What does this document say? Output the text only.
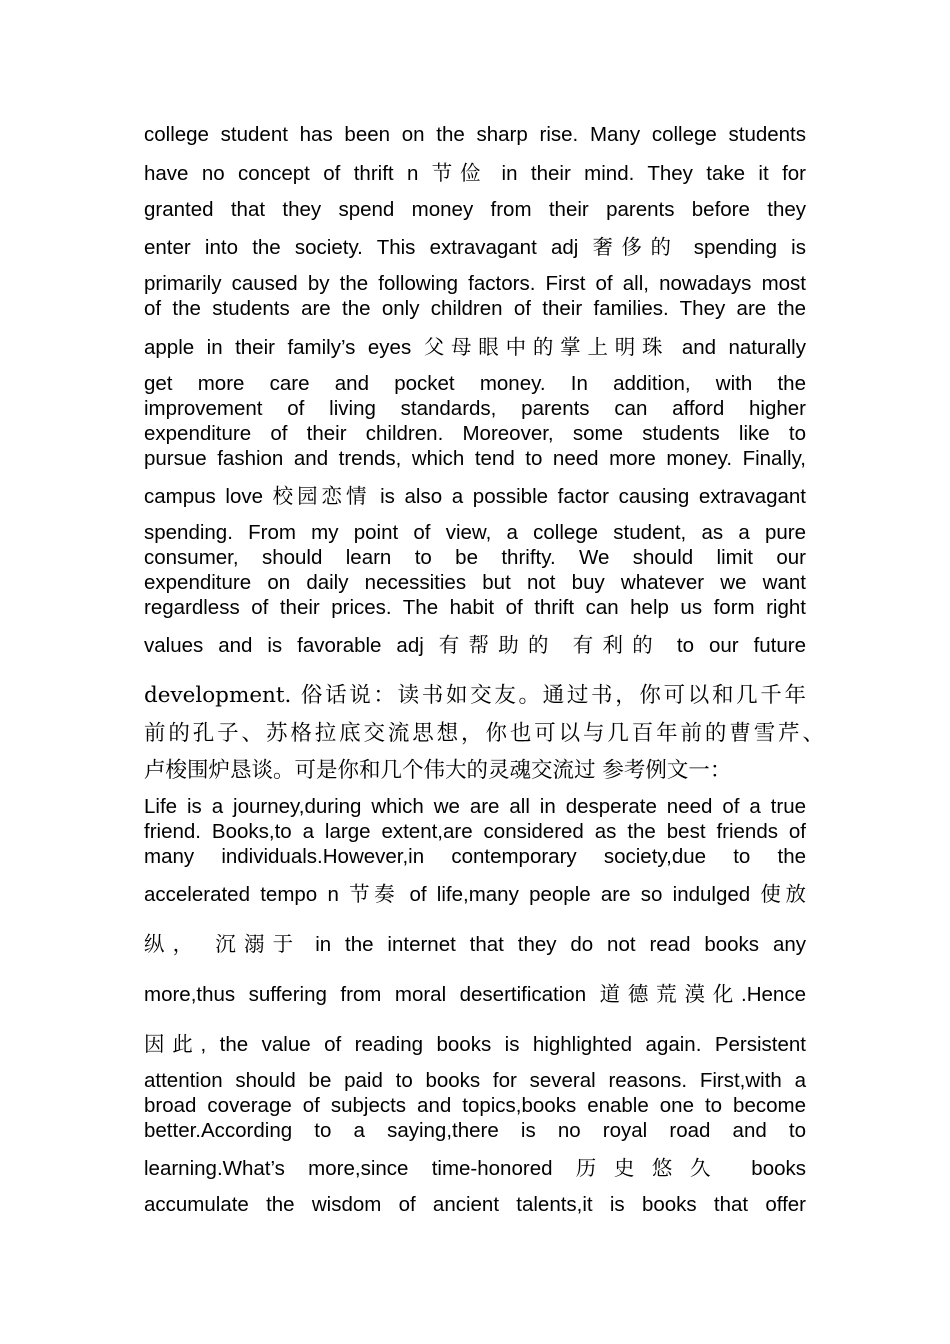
college student has been on the sharp rise. Many college students
have no concept of thrift n 节俭 in their mind. They take it for
granted that they spend money from their parents before they
enter into the society. This extravagant adj 奢侈的 spending is
primarily caused by the following factors. First of all, nowadays most
of the students are the only children of their families. They are the
apple in their family’s eyes 父母眼中的掌上明珠 and naturally
get more care and pocket money. In addition, with the
improvement of living standards, parents can afford higher
expenditure of their children. Moreover, some students like to
pursue fashion and trends, which tend to need more money. Finally,
campus love 校园恋情 is also a possible factor causing extravagant
spending. From my point of view, a college student, as a pure
consumer, should learn to be thrifty. We should limit our
expenditure on daily necessities but not buy whatever we want
regardless of their prices. The habit of thrift can help us form right
values and is favorable adj 有帮助的 有利的 to our future
development. 俗话说：读书如交友。通过书，你可以和几千年
前的孔子、苏格拉底交流思想，你也可以与几百年前的曹雪芹、
卢梭围炉恳谈。可是你和几个伟大的灵魂交流过 参考例文一：
Life is a journey,during which we are all in desperate need of a true
friend. Books,to a large extent,are considered as the best friends of
many individuals.However,in contemporary society,due to the
accelerated tempo n 节奏 of life,many people are so indulged 使放
纵， 沉溺于 in the internet that they do not read books any
more,thus suffering from moral desertification 道德荒漠化.Hence
因此, the value of reading books is highlighted again. Persistent
attention should be paid to books for several reasons. First,with a
broad coverage of subjects and topics,books enable one to become
better.According to a saying,there is no royal road and to
learning.What’s more,since time-honored 历史悠久 books
accumulate the wisdom of ancient talents,it is books that offer
